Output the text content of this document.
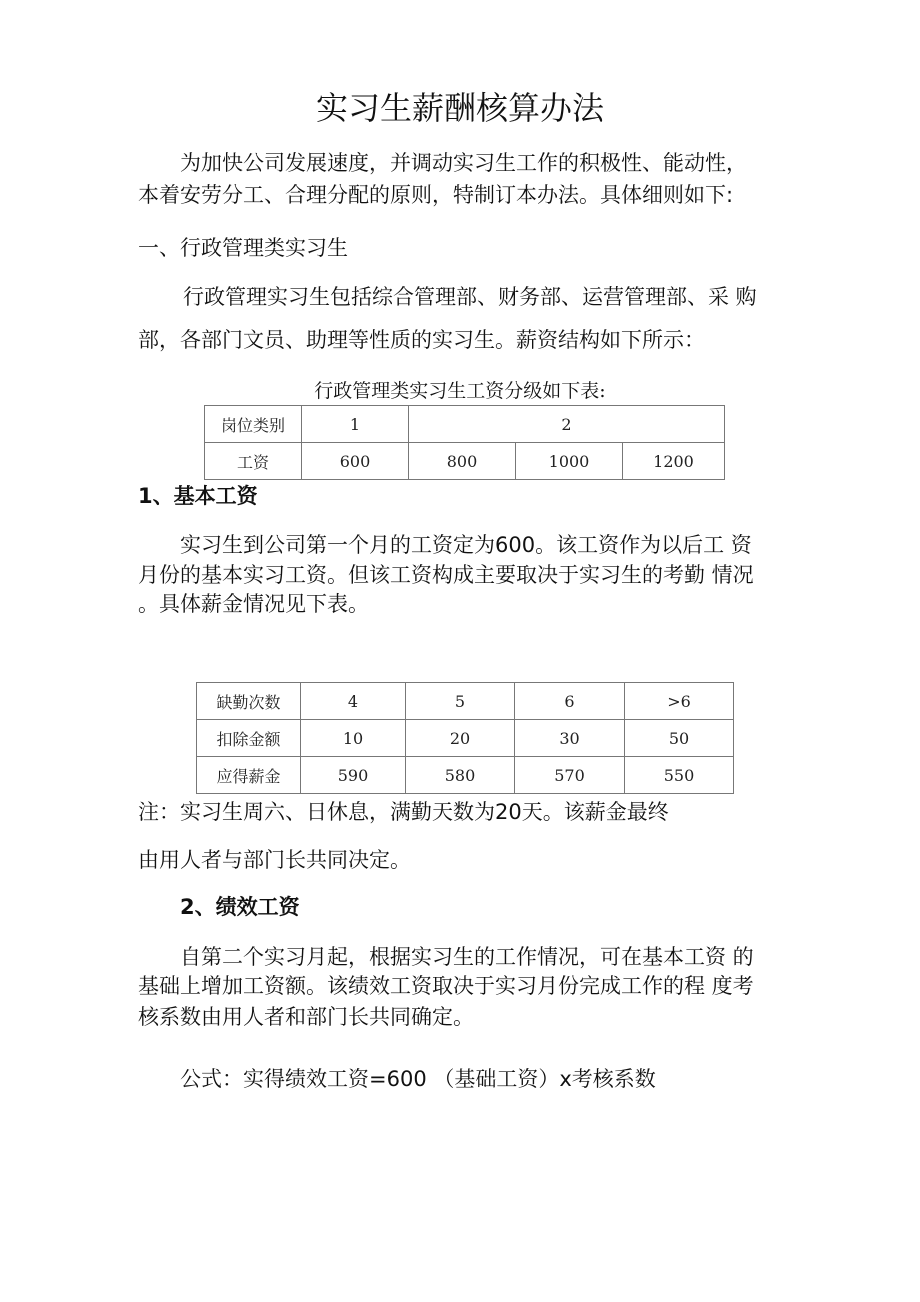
实习生薪酬核算办法
为加快公司发展速度，并调动实习生工作的积极性、能动性，
本着安劳分工、合理分配的原则，特制订本办法。具体细则如下:
一、行政管理类实习生
行政管理实习生包括综合管理部、财务部、运营管理部、采 购
部，各部门文员、助理等性质的实习生。薪资结构如下所示：
行政管理类实习生工资分级如下表:
岗位类别	1	2		
工资	600	800	1000	1200
1、基本工资
实习生到公司第一个月的工资定为600。该工资作为以后工 资
月份的基本实习工资。但该工资构成主要取决于实习生的考勤 情况
。具体薪金情况见下表。
缺勤次数	4	5	6	>6
扣除金额	10	20	30	50
应得薪金	590	580	570	550
注：实习生周六、日休息，满勤天数为20天。该薪金最终
由用人者与部门长共同决定。
2、绩效工资
自第二个实习月起，根据实习生的工作情况，可在基本工资 的
基础上增加工资额。该绩效工资取决于实习月份完成工作的程 度考
核系数由用人者和部门长共同确定。
公式：实得绩效工资=600 （基础工资）x考核系数
